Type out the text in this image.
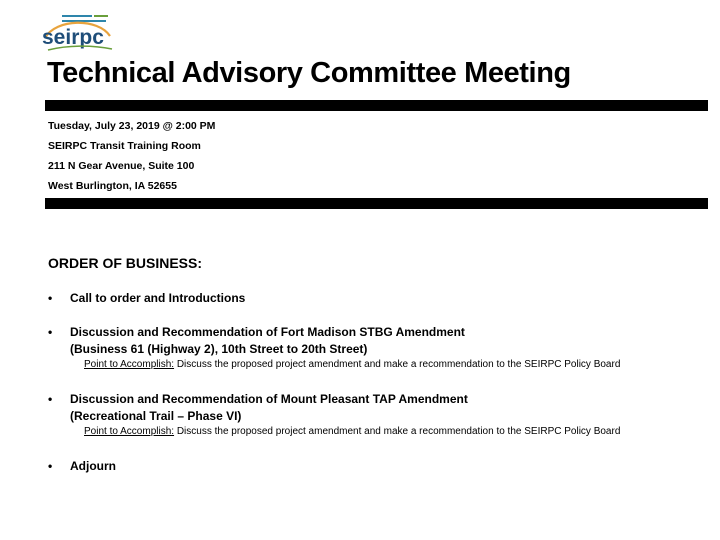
seirpc
Technical Advisory Committee Meeting
Tuesday, July 23, 2019 @ 2:00 PM
SEIRPC Transit Training Room
211 N Gear Avenue, Suite 100
West Burlington, IA 52655
ORDER OF BUSINESS:
• Call to order and Introductions
• Discussion and Recommendation of Fort Madison STBG Amendment
(Business 61 (Highway 2), 10th Street to 20th Street)
Point to Accomplish: Discuss the proposed project amendment and make a recommendation to the SEIRPC Policy Board
• Discussion and Recommendation of Mount Pleasant TAP Amendment
(Recreational Trail – Phase VI)
Point to Accomplish: Discuss the proposed project amendment and make a recommendation to the SEIRPC Policy Board
• Adjourn
